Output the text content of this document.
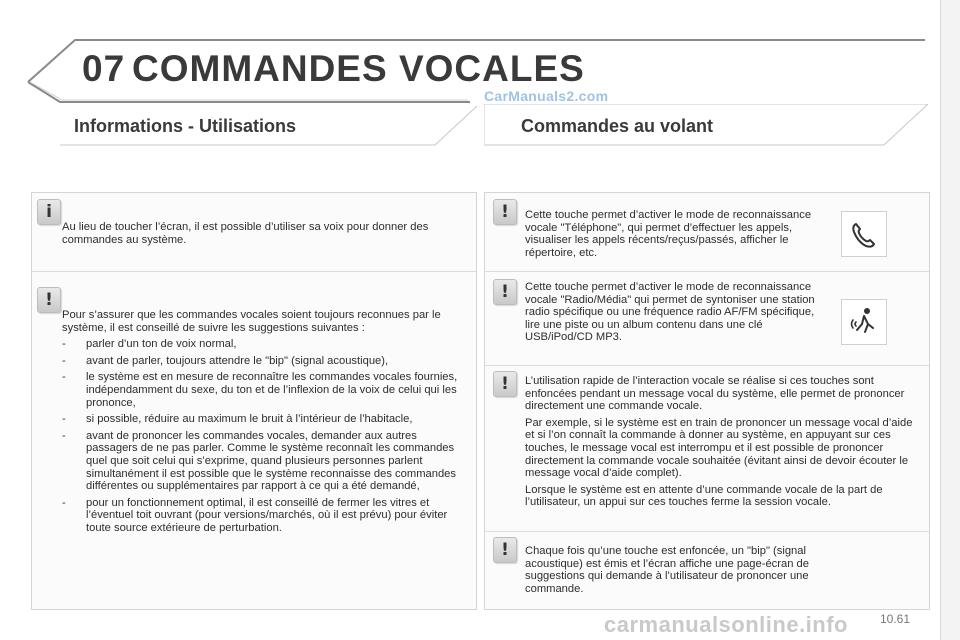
07 COMMANDES VOCALES
CarManuals2.com
Informations - Utilisations	Commandes au volant
i
Au lieu de toucher l’écran, il est possible d’utiliser sa voix pour donner des commandes au système.
!

Pour s’assurer que les commandes vocales soient toujours reconnues par le système, il est conseillé de suivre les suggestions suivantes :

- parler d’un ton de voix normal,
- avant de parler, toujours attendre le "bip" (signal acoustique),
- le système est en mesure de reconnaître les commandes vocales fournies, indépendamment du sexe, du ton et de l’inflexion de la voix de celui qui les prononce,
- si possible, réduire au maximum le bruit à l’intérieur de l’habitacle,
- avant de prononcer les commandes vocales, demander aux autres passagers de ne pas parler. Comme le système reconnaît les commandes quel que soit celui qui s’exprime, quand plusieurs personnes parlent simultanément il est possible que le système reconnaisse des commandes différentes ou supplémentaires par rapport à ce qui a été demandé,
- pour un fonctionnement optimal, il est conseillé de fermer les vitres et l’éventuel toit ouvrant (pour versions/marchés, où il est prévu) pour éviter toute source extérieure de perturbation.
!	Cette touche permet d’activer le mode de reconnaissance vocale "Téléphone", qui permet d’effectuer les appels, visualiser les appels récents/reçus/passés, afficher le répertoire, etc.
!	Cette touche permet d’activer le mode de reconnaissance vocale "Radio/Média" qui permet de syntoniser une station radio spécifique ou une fréquence radio AF/FM spécifique, lire une piste ou un album contenu dans une clé USB/iPod/CD MP3.
!	L’utilisation rapide de l’interaction vocale se réalise si ces touches sont enfoncées pendant un message vocal du système, elle permet de prononcer directement une commande vocale.

Par exemple, si le système est en train de prononcer un message vocal d’aide et si l’on connaît la commande à donner au système, en appuyant sur ces touches, le message vocal est interrompu et il est possible de prononcer directement la commande vocale souhaitée (évitant ainsi de devoir écouter le message vocal d’aide complet).

Lorsque le système est en attente d’une commande vocale de la part de l’utilisateur, un appui sur ces touches ferme la session vocale.

!	Chaque fois qu’une touche est enfoncée, un "bip" (signal acoustique) est émis et l’écran affiche une page-écran de suggestions qui demande à l’utilisateur de prononcer une commande.
carmanualsonline.info	10.61
